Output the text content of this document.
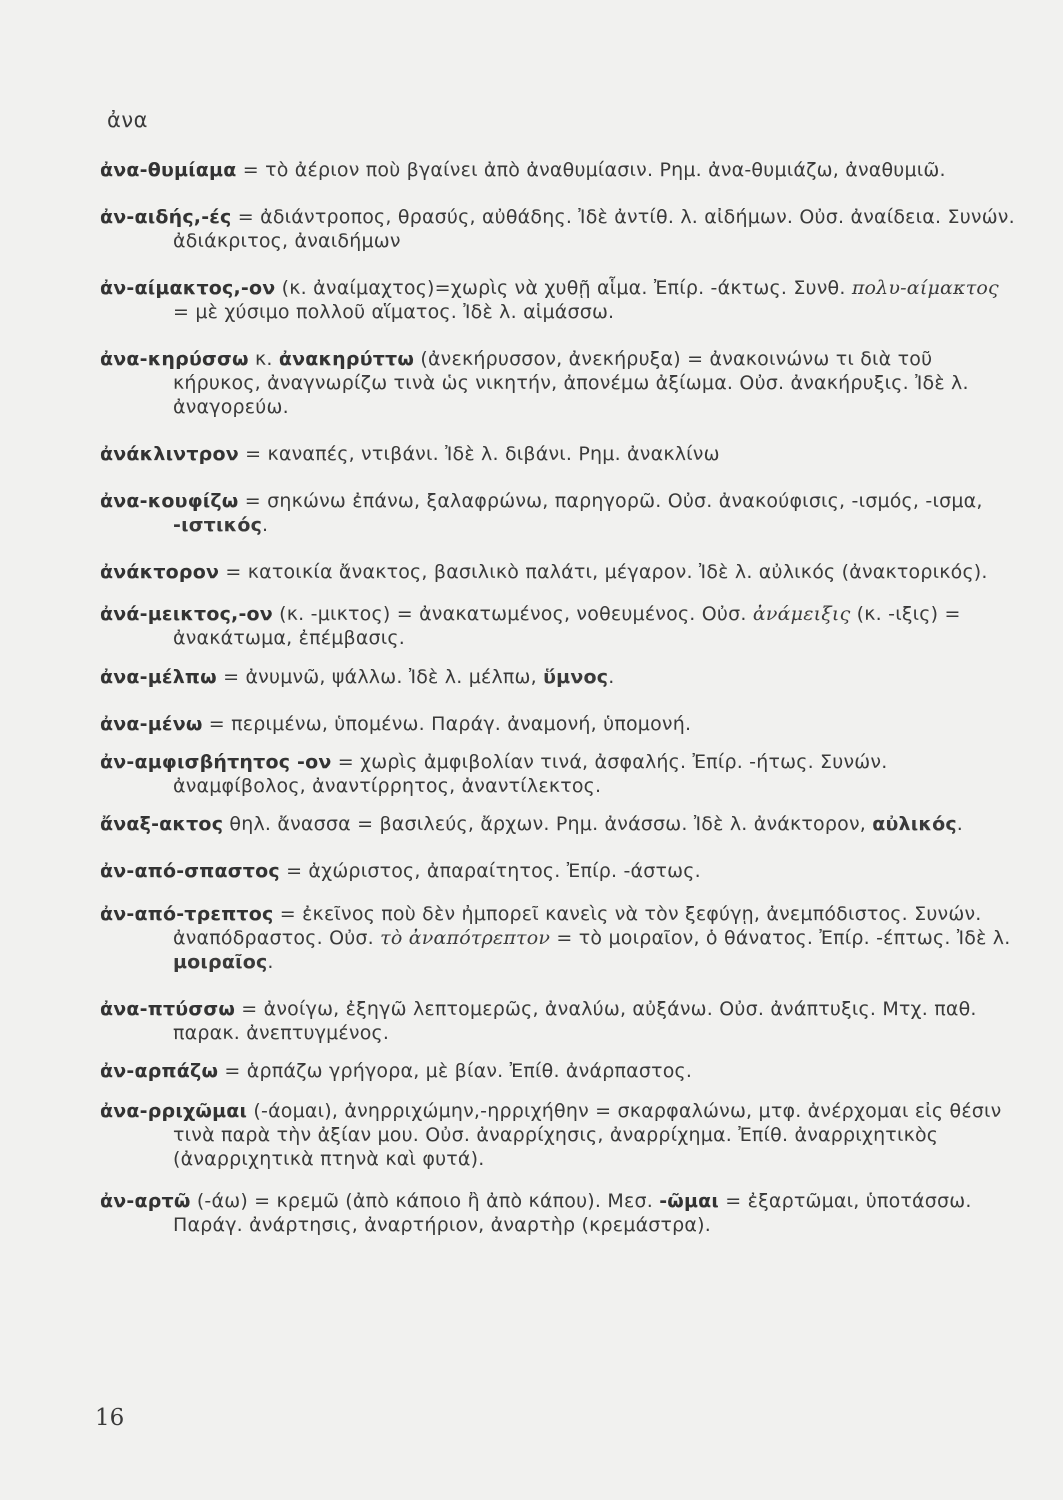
ἀνα
ἀνα-θυμίαμα = τὸ ἀέριον ποὺ βγαίνει ἀπὸ ἀναθυμίασιν. Ρημ. ἀνα-θυμιάζω, ἀναθυμιῶ.
ἀν-αιδής,-ές = ἀδιάντροπος, θρασύς, αὐθάδης. Ἰδὲ ἀντίθ. λ. αἰδήμων. Οὐσ. ἀναίδεια. Συνών. ἀδιάκριτος, ἀναιδήμων
ἀν-αίμακτος,-ον (κ. ἀναίμαχτος)=χωρὶς νὰ χυθῇ αἷμα. Ἐπίρ. -άκτως. Συνθ. πολυ-αίμακτος = μὲ χύσιμο πολλοῦ αἵματος. Ἰδὲ λ. αἱμάσσω.
ἀνα-κηρύσσω κ. ἀνακηρύττω (ἀνεκήρυσσον, ἀνεκήρυξα) = ἀνακοινώνω τι διὰ τοῦ κήρυκος, ἀναγνωρίζω τινὰ ὡς νικητήν, ἀπονέμω ἀξίωμα. Οὐσ. ἀνακήρυξις. Ἰδὲ λ. ἀναγορεύω.
ἀνάκλιντρον = καναπές, ντιβάνι. Ἰδὲ λ. διβάνι. Ρημ. ἀνακλίνω
ἀνα-κουφίζω = σηκώνω ἐπάνω, ξαλαφρώνω, παρηγορῶ. Οὐσ. ἀνακούφισις, -ισμός, -ισμα, -ιστικός.
ἀνάκτορον = κατοικία ἄνακτος, βασιλικὸ παλάτι, μέγαρον. Ἰδὲ λ. αὐλικός (ἀνακτορικός).
ἀνά-μεικτος,-ον (κ. -μικτος) = ἀνακατωμένος, νοθευμένος. Οὐσ. ἀνάμειξις (κ. -ιξις) = ἀνακάτωμα, ἐπέμβασις.
ἀνα-μέλπω = ἀνυμνῶ, ψάλλω. Ἰδὲ λ. μέλπω, ὕμνος.
ἀνα-μένω = περιμένω, ὑπομένω. Παράγ. ἀναμονή, ὑπομονή.
ἀν-αμφισβήτητος -ον = χωρὶς ἀμφιβολίαν τινά, ἀσφαλής. Ἐπίρ. -ήτως. Συνών. ἀναμφίβολος, ἀναντίρρητος, ἀναντίλεκτος.
ἄναξ-ακτος θηλ. ἄνασσα = βασιλεύς, ἄρχων. Ρημ. ἀνάσσω. Ἰδὲ λ. ἀνάκτορον, αὐλικός.
ἀν-από-σπαστος = ἀχώριστος, ἀπαραίτητος. Ἐπίρ. -άστως.
ἀν-από-τρεπτος = ἐκεῖνος ποὺ δὲν ἠμπορεῖ κανεὶς νὰ τὸν ξεφύγῃ, ἀνεμπόδιστος. Συνών. ἀναπόδραστος. Οὐσ. τὸ ἀναπότρεπτον = τὸ μοιραῖον, ὁ θάνατος. Ἐπίρ. -έπτως. Ἰδὲ λ. μοιραῖος.
ἀνα-πτύσσω = ἀνοίγω, ἐξηγῶ λεπτομερῶς, ἀναλύω, αὐξάνω. Οὐσ. ἀνάπτυξις. Μτχ. παθ. παρακ. ἀνεπτυγμένος.
ἀν-αρπάζω = ἁρπάζω γρήγορα, μὲ βίαν. Ἐπίθ. ἀνάρπαστος.
ἀνα-ρριχῶμαι (-άομαι), ἀνηρριχώμην,-ηρριχήθην = σκαρφαλώνω, μτφ. ἀνέρχομαι εἰς θέσιν τινὰ παρὰ τὴν ἀξίαν μου. Οὐσ. ἀναρρίχησις, ἀναρρίχημα. Ἐπίθ. ἀναρριχητικὸς (ἀναρριχητικὰ πτηνὰ καὶ φυτά).
ἀν-αρτῶ (-άω) = κρεμῶ (ἀπὸ κάποιο ἢ ἀπὸ κάπου). Μεσ. -ῶμαι = ἐξαρτῶμαι, ὑποτάσσω. Παράγ. ἀνάρτησις, ἀναρτήριον, ἀναρτὴρ (κρεμάστρα).
16
